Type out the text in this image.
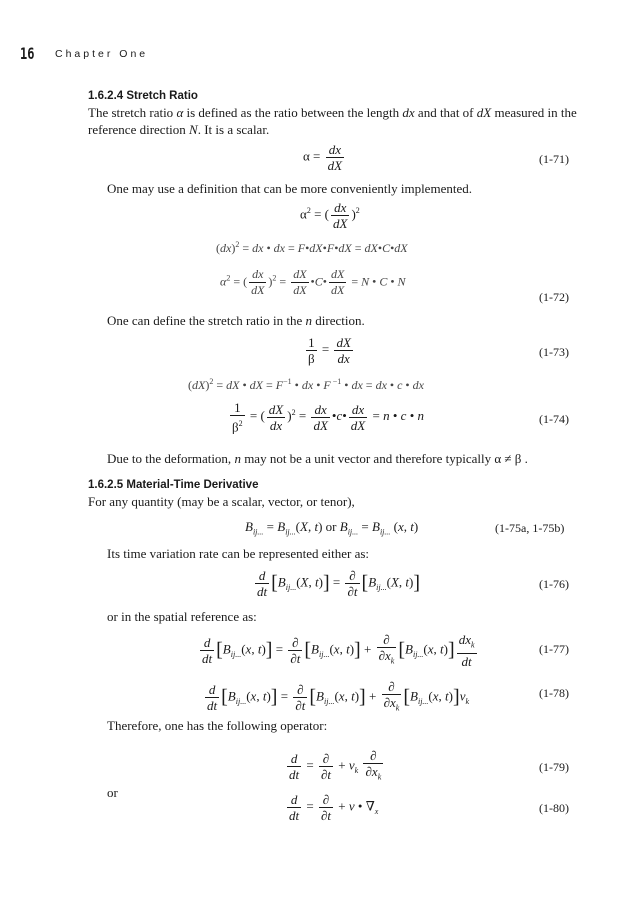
16 Chapter One
1.6.2.4 Stretch Ratio

The stretch ratio α is defined as the ratio between the length dx and that of dX measured in the reference direction N. It is a scalar.

$\alpha = \frac{dx}{dX}$	(1-71)

One may use a definition that can be more conveniently implemented.

$\alpha^2$ = ( $\frac{dx}{dX} )^2$
(dx)$^2$ = dx • dx = F•dX•F•dX = dX•C•dX
$\alpha^2$ = ( $\frac{dx}{dX} )^2 = \frac{dX}{dX}$ •C• $\frac{dX}{dX} = N$ • C • N
(1-72)

One can define the stretch ratio in the n direction.

$\frac{1}{\beta} = \frac{dX}{dx}$	(1-73)
(dX)$^2$ = dX • dX = $F^{-1}$ • dx • F $^{-1}$ • dx = dx • c • dx
$\frac{1}{\beta^2}$ = ( $\frac{dX}{dx} )^2 = \frac{dx}{dX}$ •c• $\frac{dx}{dX} = n$ • c • n	(1-74)

Due to the deformation, n may not be a unit vector and therefore typically α ≠ β .

1.6.2.5 Material-Time Derivative

For any quantity (may be a scalar, vector, or tenor),

$B_{ij...} = B_{ij...}(X$, t) or $B_{ij...} = B_{ij...}$ (x, t)	(1-75a, 1-75b)

Its time variation rate can be represented either as:

$\frac{d}{dt} [B_{ij...}(X$, $t)] = \frac{\partial}{\partial t} [B_{ij...}(X$, t)]	(1-76)

or in the spatial reference as:

$\frac{d}{dt} [B_{ij...}(x$, $t)] = \frac{\partial}{\partial t} [B_{ij...}(x$, $t)] + \frac{\partial}{\partial x_k} [B_{ij...}(x$, $t)] \frac{dx_k}{dt}$	(1-77)
$\frac{d}{dt} [B_{ij...}(x$, $t)] = \frac{\partial}{\partial t} [B_{ij...}(x$, $t)] + \frac{\partial}{\partial x_k} [B_{ij...}(x$, $t)]v_k$
(1-78)

Therefore, one has the following operator:

$\frac{d}{dt} = \frac{\partial}{\partial t} + v_k \frac{\partial}{\partial x_k}$	(1-79)

or	$\frac{d}{dt} = \frac{\partial}{\partial t} + v$ • $\nabla_x$	(1-80)
